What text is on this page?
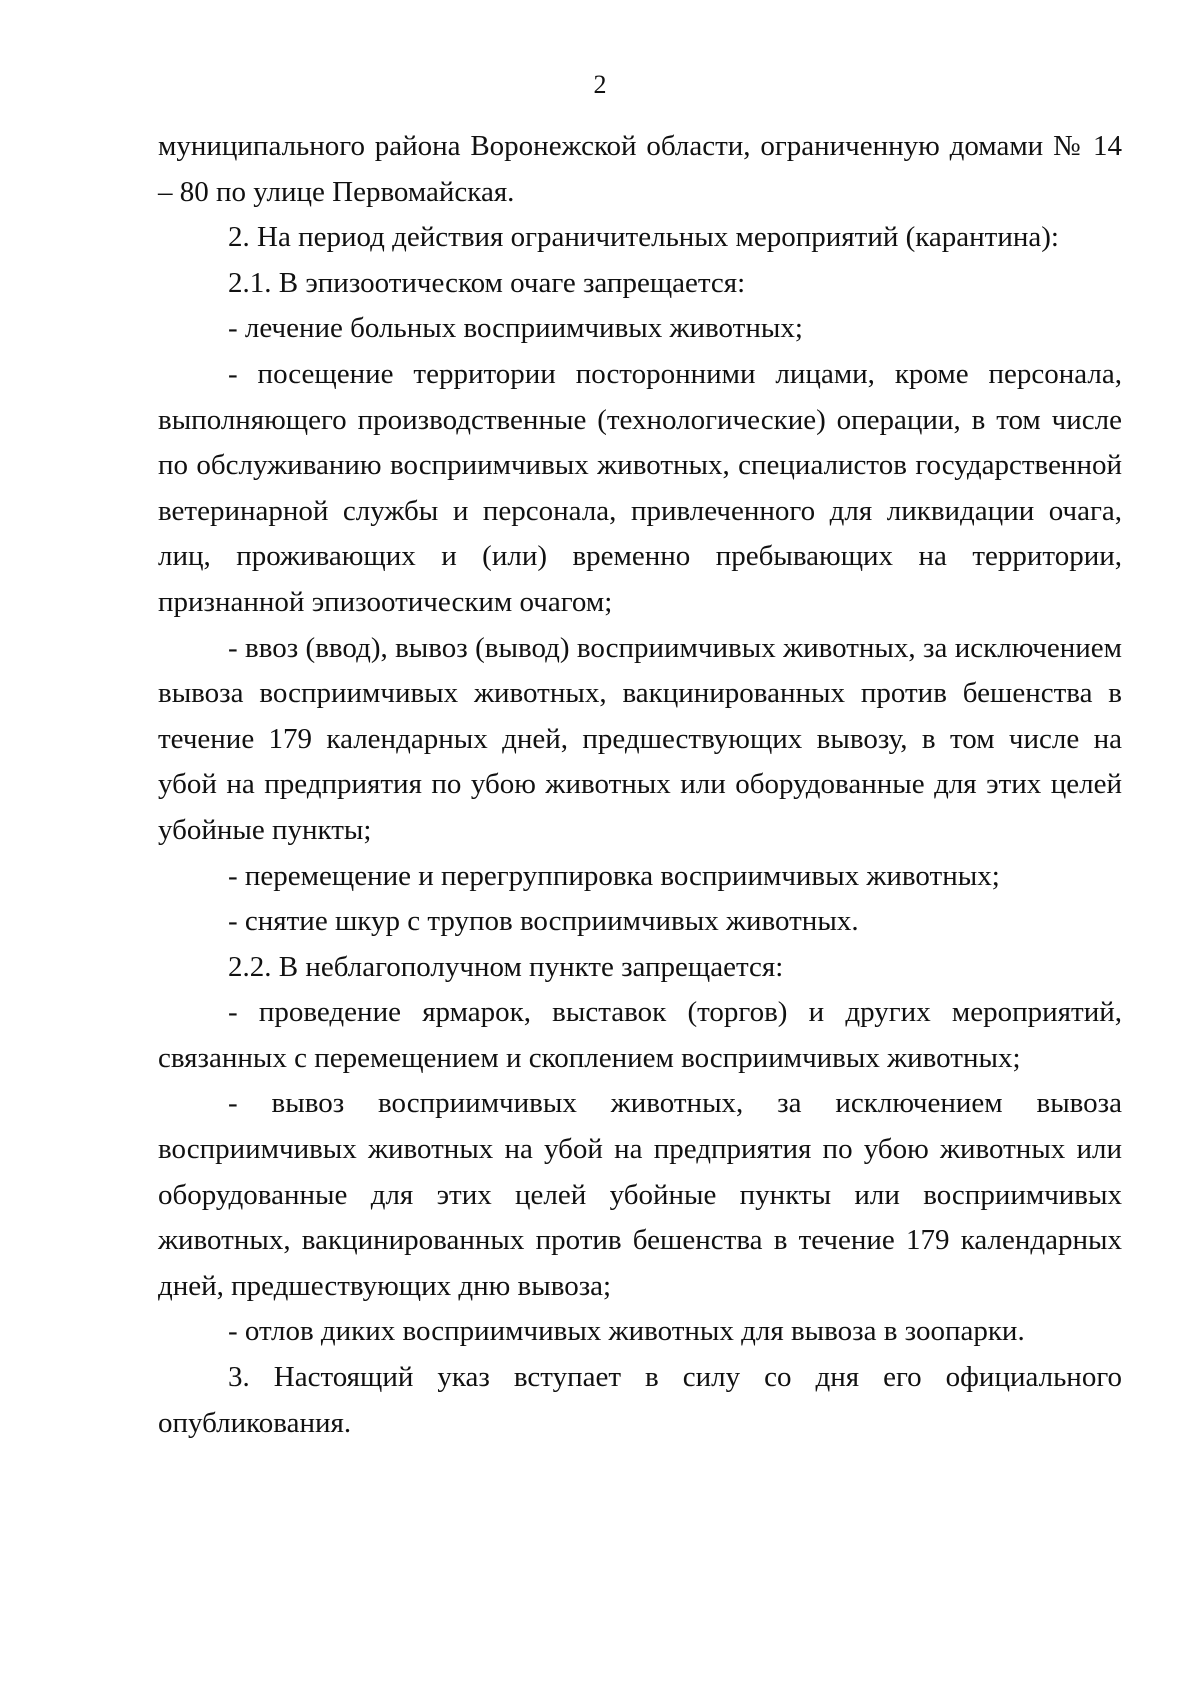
2

муниципального района Воронежской области, ограниченную домами № 14 – 80 по улице Первомайская.

2. На период действия ограничительных мероприятий (карантина):

2.1. В эпизоотическом очаге запрещается:

- лечение больных восприимчивых животных;

- посещение территории посторонними лицами, кроме персонала, выполняющего производственные (технологические) операции, в том числе по обслуживанию восприимчивых животных, специалистов государственной ветеринарной службы и персонала, привлеченного для ликвидации очага, лиц, проживающих и (или) временно пребывающих на территории, признанной эпизоотическим очагом;

- ввоз (ввод), вывоз (вывод) восприимчивых животных, за исключением вывоза восприимчивых животных, вакцинированных против бешенства в течение 179 календарных дней, предшествующих вывозу, в том числе на убой на предприятия по убою животных или оборудованные для этих целей убойные пункты;

- перемещение и перегруппировка восприимчивых животных;

- снятие шкур с трупов восприимчивых животных.

2.2. В неблагополучном пункте запрещается:

- проведение ярмарок, выставок (торгов) и других мероприятий, связанных с перемещением и скоплением восприимчивых животных;

- вывоз восприимчивых животных, за исключением вывоза восприимчивых животных на убой на предприятия по убою животных или оборудованные для этих целей убойные пункты или восприимчивых животных, вакцинированных против бешенства в течение 179 календарных дней, предшествующих дню вывоза;

- отлов диких восприимчивых животных для вывоза в зоопарки.

3. Настоящий указ вступает в силу со дня его официального опубликования.
